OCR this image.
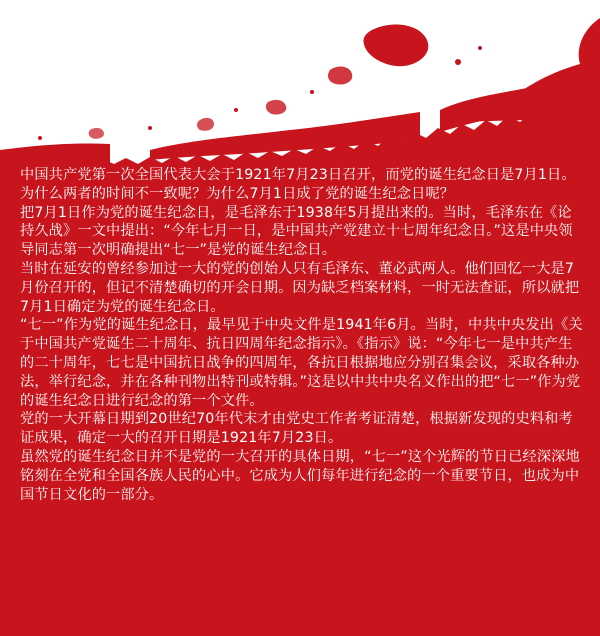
中国共产党第一次全国代表大会于1921年7月23日召开，而党的诞生纪念日是7月1日。为什么两者的时间不一致呢？为什么7月1日成了党的诞生纪念日呢？

把7月1日作为党的诞生纪念日，是毛泽东于1938年5月提出来的。当时，毛泽东在《论持久战》一文中提出：“今年七月一日，是中国共产党建立十七周年纪念日。”这是中央领导同志第一次明确提出“七一”是党的诞生纪念日。

当时在延安的曾经参加过一大的党的创始人只有毛泽东、董必武两人。他们回忆一大是7月份召开的，但记不清楚确切的开会日期。因为缺乏档案材料，一时无法查证，所以就把7月1日确定为党的诞生纪念日。

“七一”作为党的诞生纪念日，最早见于中央文件是1941年6月。当时，中共中央发出《关于中国共产党诞生二十周年、抗日四周年纪念指示》。《指示》说：“今年七一是中共产生的二十周年，七七是中国抗日战争的四周年，各抗日根据地应分别召集会议，采取各种办法，举行纪念，并在各种刊物出特刊或特辑。”这是以中共中央名义作出的把“七一”作为党的诞生纪念日进行纪念的第一个文件。

党的一大开幕日期到20世纪70年代末才由党史工作者考证清楚，根据新发现的史料和考证成果，确定一大的召开日期是1921年7月23日。

虽然党的诞生纪念日并不是党的一大召开的具体日期，“七一”这个光辉的节日已经深深地铭刻在全党和全国各族人民的心中。它成为人们每年进行纪念的一个重要节日，也成为中国节日文化的一部分。
